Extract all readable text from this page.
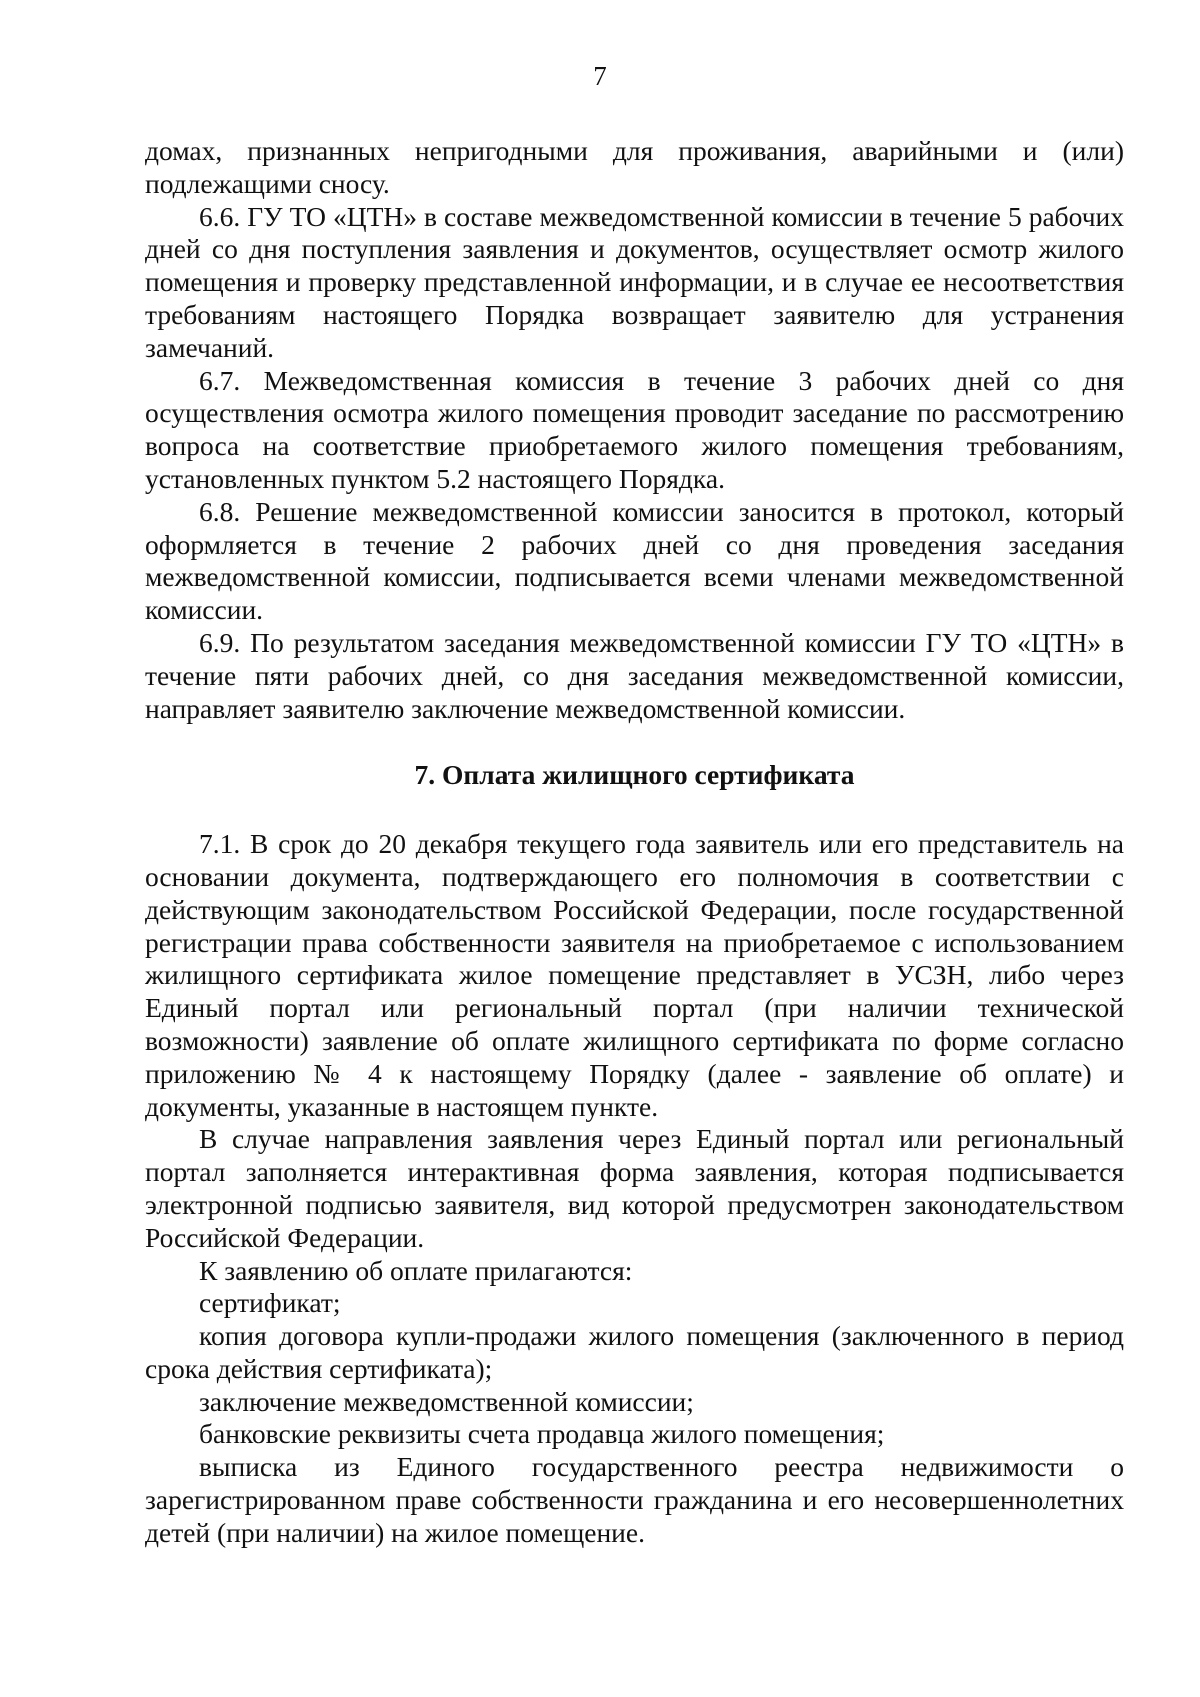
7

домах, признанных непригодными для проживания, аварийными и (или) подлежащими сносу.

6.6. ГУ ТО «ЦТН» в составе межведомственной комиссии в течение 5 рабочих дней со дня поступления заявления и документов, осуществляет осмотр жилого помещения и проверку представленной информации, и в случае ее несоответствия требованиям настоящего Порядка возвращает заявителю для устранения замечаний.

6.7. Межведомственная комиссия в течение 3 рабочих дней со дня осуществления осмотра жилого помещения проводит заседание по рассмотрению вопроса на соответствие приобретаемого жилого помещения требованиям, установленных пунктом 5.2 настоящего Порядка.

6.8. Решение межведомственной комиссии заносится в протокол, который оформляется в течение 2 рабочих дней со дня проведения заседания межведомственной комиссии, подписывается всеми членами межведомственной комиссии.

6.9. По результатом заседания межведомственной комиссии ГУ ТО «ЦТН» в течение пяти рабочих дней, со дня заседания межведомственной комиссии, направляет заявителю заключение межведомственной комиссии.

7. Оплата жилищного сертификата

7.1. В срок до 20 декабря текущего года заявитель или его представитель на основании документа, подтверждающего его полномочия в соответствии с действующим законодательством Российской Федерации, после государственной регистрации права собственности заявителя на приобретаемое с использованием жилищного сертификата жилое помещение представляет в УСЗН, либо через Единый портал или региональный портал (при наличии технической возможности) заявление об оплате жилищного сертификата по форме согласно приложению № 4 к настоящему Порядку (далее - заявление об оплате) и документы, указанные в настоящем пункте.

В случае направления заявления через Единый портал или региональный портал заполняется интерактивная форма заявления, которая подписывается электронной подписью заявителя, вид которой предусмотрен законодательством Российской Федерации.

К заявлению об оплате прилагаются:

сертификат;

копия договора купли-продажи жилого помещения (заключенного в период срока действия сертификата);

заключение межведомственной комиссии;

банковские реквизиты счета продавца жилого помещения;

выписка из Единого государственного реестра недвижимости о зарегистрированном праве собственности гражданина и его несовершеннолетних детей (при наличии) на жилое помещение.
